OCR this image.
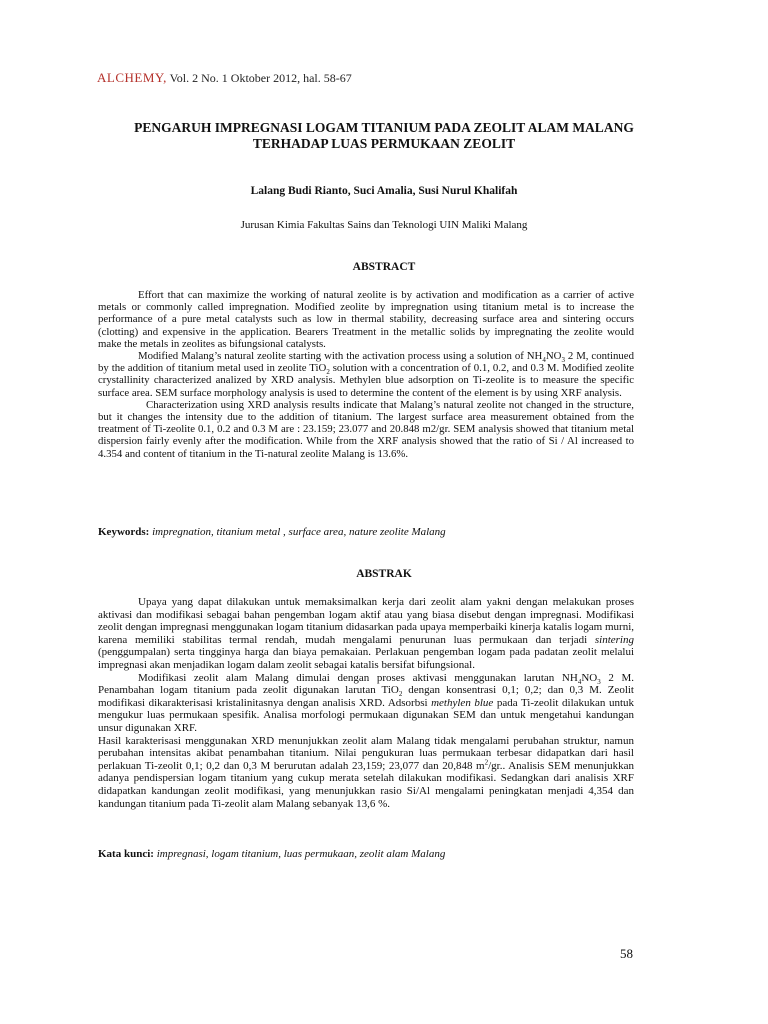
ALCHEMY, Vol. 2 No. 1 Oktober 2012, hal. 58-67
PENGARUH IMPREGNASI LOGAM TITANIUM PADA ZEOLIT ALAM MALANG
TERHADAP LUAS PERMUKAAN ZEOLIT
Lalang Budi Rianto, Suci Amalia, Susi Nurul Khalifah
Jurusan Kimia Fakultas Sains dan Teknologi UIN Maliki Malang
ABSTRACT

Effort that can maximize the working of natural zeolite is by activation and modification as a carrier of active metals or commonly called impregnation. Modified zeolite by impregnation using titanium metal is to increase the performance of a pure metal catalysts such as low in thermal stability, decreasing surface area and sintering occurs (clotting) and expensive in the application. Bearers Treatment in the metallic solids by impregnating the zeolite would make the metals in zeolites as bifungsional catalysts.

Modified Malang’s natural zeolite starting with the activation process using a solution of $NH_4NO_3$ 2 M, continued by the addition of titanium metal used in zeolite TiO$_2$ solution with a concentration of 0.1, 0.2, and 0.3 M. Modified zeolite crystallinity characterized analized by XRD analysis. Methylen blue adsorption on Ti-zeolite is to measure the specific surface area. SEM surface morphology analysis is used to determine the content of the element is by using XRF analysis.

Characterization using XRD analysis results indicate that Malang’s natural zeolite not changed in the structure, but it changes the intensity due to the addition of titanium. The largest surface area measurement obtained from the treatment of Ti-zeolite 0.1, 0.2 and 0.3 M are : 23.159; 23.077 and 20.848 m2/gr. SEM analysis showed that titanium metal dispersion fairly evenly after the modification. While from the XRF analysis showed that the ratio of Si / Al increased to 4.354 and content of titanium in the Ti-natural zeolite Malang is 13.6%.

Keywords: impregnation, titanium metal , surface area, nature zeolite Malang
ABSTRAK

Upaya yang dapat dilakukan untuk memaksimalkan kerja dari zeolit alam yakni dengan melakukan proses aktivasi dan modifikasi sebagai bahan pengemban logam aktif atau yang biasa disebut dengan impregnasi. Modifikasi zeolit dengan impregnasi menggunakan logam titanium didasarkan pada upaya memperbaiki kinerja katalis logam murni, karena memiliki stabilitas termal rendah, mudah mengalami penurunan luas permukaan dan terjadi sintering (penggumpalan) serta tingginya harga dan biaya pemakaian. Perlakuan pengemban logam pada padatan zeolit melalui impregnasi akan menjadikan logam dalam zeolit sebagai katalis bersifat bifungsional.

Modifikasi zeolit alam Malang dimulai dengan proses aktivasi menggunakan larutan $NH_4NO_3$ 2 M. Penambahan logam titanium pada zeolit digunakan larutan TiO$_2$ dengan konsentrasi 0,1; 0,2; dan 0,3 M. Zeolit modifikasi dikarakterisasi kristalinitasnya dengan analisis XRD. Adsorbsi methylen blue pada Ti-zeolit dilakukan untuk mengukur luas permukaan spesifik. Analisa morfologi permukaan digunakan SEM dan untuk mengetahui kandungan unsur digunakan XRF.

Hasil karakterisasi menggunakan XRD menunjukkan zeolit alam Malang tidak mengalami perubahan struktur, namun perubahan intensitas akibat penambahan titanium. Nilai pengukuran luas permukaan terbesar didapatkan dari hasil perlakuan Ti-zeolit 0,1; 0,2 dan 0,3 M berurutan adalah 23,159; 23,077 dan 20,848 $m^2/gr$.. Analisis SEM menunjukkan adanya pendispersian logam titanium yang cukup merata setelah dilakukan modifikasi. Sedangkan dari analisis XRF didapatkan kandungan zeolit modifikasi, yang menunjukkan rasio Si/Al mengalami peningkatan menjadi 4,354 dan kandungan titanium pada Ti-zeolit alam Malang sebanyak 13,6 %.

Kata kunci: impregnasi, logam titanium, luas permukaan, zeolit alam Malang
58
